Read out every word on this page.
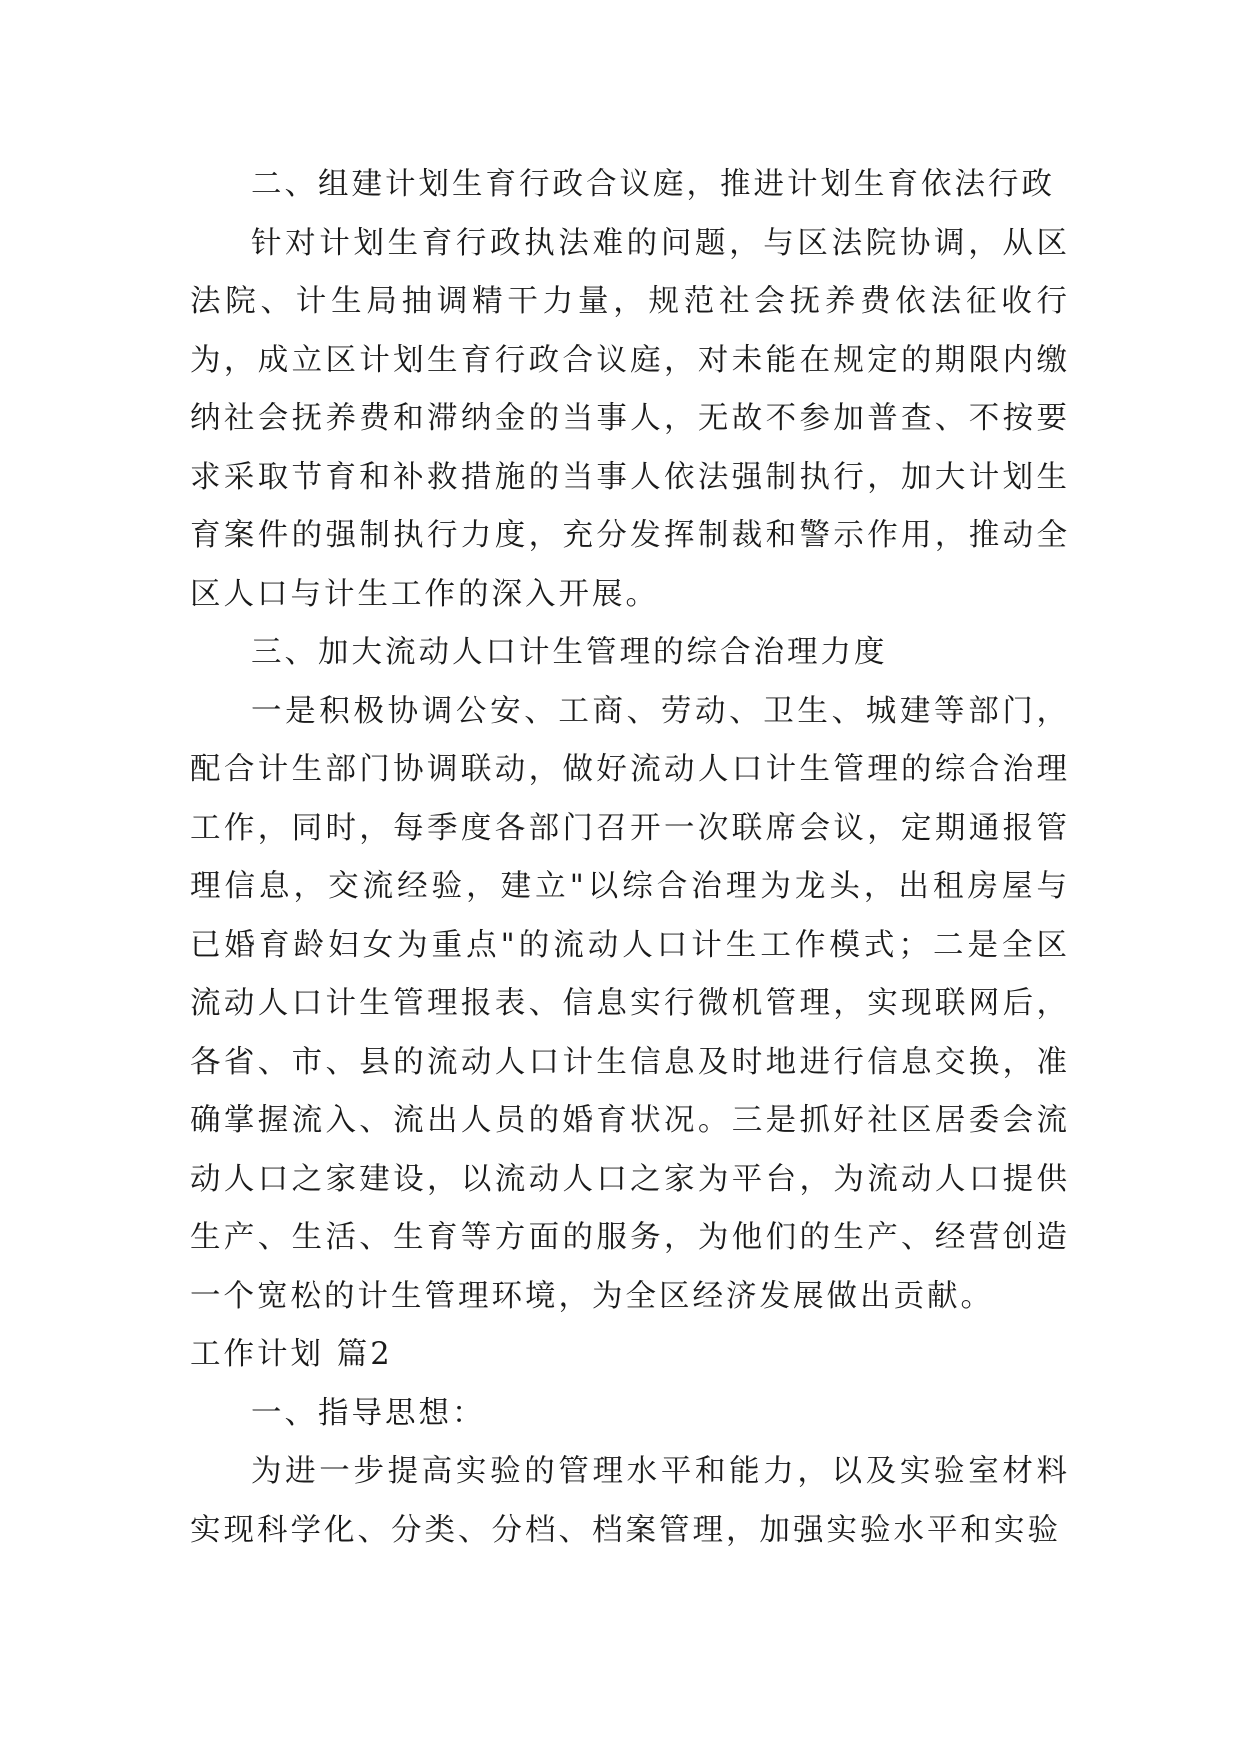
二、组建计划生育行政合议庭，推进计划生育依法行政

针对计划生育行政执法难的问题，与区法院协调，从区法院、计生局抽调精干力量，规范社会抚养费依法征收行为，成立区计划生育行政合议庭，对未能在规定的期限内缴纳社会抚养费和滞纳金的当事人，无故不参加普查、不按要求采取节育和补救措施的当事人依法强制执行，加大计划生育案件的强制执行力度，充分发挥制裁和警示作用，推动全区人口与计生工作的深入开展。

三、加大流动人口计生管理的综合治理力度

一是积极协调公安、工商、劳动、卫生、城建等部门，配合计生部门协调联动，做好流动人口计生管理的综合治理工作，同时，每季度各部门召开一次联席会议，定期通报管理信息，交流经验，建立"以综合治理为龙头，出租房屋与已婚育龄妇女为重点"的流动人口计生工作模式；二是全区流动人口计生管理报表、信息实行微机管理，实现联网后，各省、市、县的流动人口计生信息及时地进行信息交换，准确掌握流入、流出人员的婚育状况。三是抓好社区居委会流动人口之家建设，以流动人口之家为平台，为流动人口提供生产、生活、生育等方面的服务，为他们的生产、经营创造一个宽松的计生管理环境，为全区经济发展做出贡献。

工作计划 篇2

一、指导思想：

为进一步提高实验的管理水平和能力，以及实验室材料实现科学化、分类、分档、档案管理，加强实验水平和实验
